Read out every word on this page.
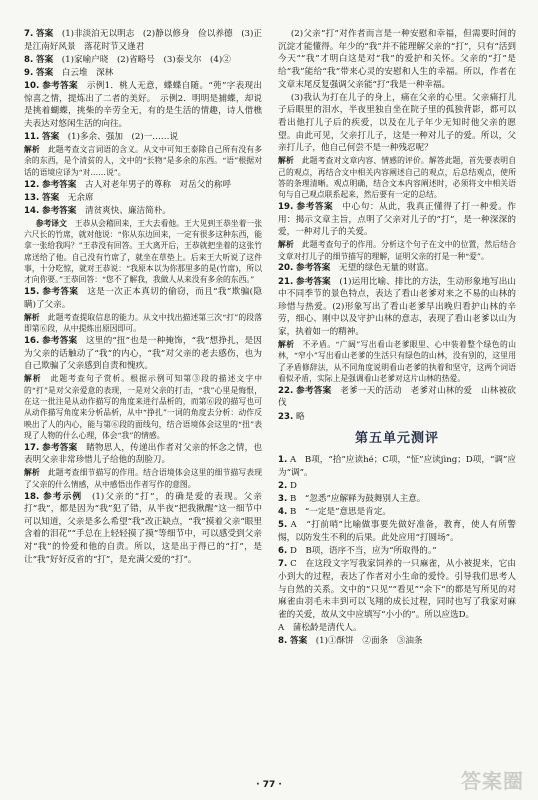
7. 答案　 (1)非淡泊无以明志　(2)静以修身　俭以养德　(3)正是江南好风景　落花时节又逢君
8. 答案　 (1)家喻户晓　(2)省略号　(3)泰戈尔　(4)②
9. 答案　 白云堆　深林
10. 参考答案　 示例1．桃人无意，蝶蝶自随。“蔸”字表现出惊喜之情，提炼出了二者的美好。　示例2．明明是捕蝶，却说是挑着蝴蝶，挑柴的辛劳全无，有的是生活的情趣，诗人借樵夫表达对悠闲生活的向往。
11. 答案　 (1)多余、强加　(2)一……说
解析　 此题考查文言词语的含义。从文中可知王泰除自己所有没有多余的东西，是个清贫的人，文中的“长物”是多余的东西。“语”根据对话的语境应译为“对……说”。
12. 参考答案　 古人对老年男子的尊称　对岳父的称呼
13. 答案　 无余席
14. 参考答案　 清贫爽快、廉洁简朴。
参考译文　 王恭从会稽回来，王大去看他。王大见到王恭坐着一张六尺长的竹席，就对他说：“你从东边回来，一定有很多这种东西，能拿一张给我吗？”王恭没有回答。王大离开后，王恭就把坐着的这张竹席送给了他。自己没有竹席了，就坐在草垫上。后来王大听说了这件事，十分吃惊，就对王恭说：“我原本以为你那里多的是(竹席)，所以才向你要。”王恭回答：“您不了解我，我做人从来没有多余的东西。”
15. 参考答案　 这是一次正本真切的偷窃，而且“我”欺骗(隐瞒)了父亲。
解析　 此题考查提取信息的能力。从文中找出描述第三次“打”的段落即第⑥段，从中提炼出原因即可。
16. 参考答案　 这里的“扭”也是一种掩饰，“我”想挣扎，是因为父亲的话触动了“我”的内心，“我”对父亲的老去感伤，也为自己欺骗了父亲感到自责和愧疚。
解析　 此题考查句子赏析。根据示例可知第③段的描述文字中的“打”是对父亲爱意的表现，一是对父亲的打击，“我”心里是悔恨，在这一批注是从动作描写的角度来进行品析的，而第⑥段的描写也可从动作描写角度来分析品析，从中“挣扎”一词的角度去分析：动作反映出了人的内心，能与第⑥段的面线句，结合语境体会这里的“扭”表现了人物的什么心理，体会“我”的情感。
17. 参考答案　 睹物思人，传递出作者对父亲的怀念之情，也表明父亲非常珍惜儿子给他的刮脸刀。
解析　 此题考查细节描写的作用。结合语境体会这里的细节描写表现了父亲的什么情感，从中感悟出作者写作的意图。
18. 参考示例　 (1)父亲的“打”，的确是爱的表现。父亲打“我”，都是因为“我”犯了错，从半夜“把我揪醒”这一细节中可以知道，父亲是多么希望“我”改正缺点，“我”摸着父亲“眼里含着的泪花”“手总在上轻轻摸了摸”等细节中，可以感受到父亲对“我”的怜爱和他的自责。所以，这是出于得已的“打”，是让“我”好好反省的“打”，是充满父爱的“打”。
(2)父亲“打”对作者而言是一种安慰和幸福，但需要时间的沉淀才能懂得。年少的“我”并不能理解父亲的“打”，只有“活到今天”“我”才明白这是对“我”的爱护和关怀。父亲的“打”是给“我”能给“我”带来心灵的安慰和人生的幸福。所以，作者在文章末尾反复强调父亲能“打”我是一种幸福。
(3)我认为打在儿子的身上，痛在父亲的心里。父亲痛打儿子后眼里的泪水，半夜里独自坐在院子里的孤独背影，都可以看出他打儿子后的疾爱，以及在儿子年少无知时他父亲的愿望。由此可见，父亲打儿子，这是一种对儿子的爱。所以，父亲打儿子，他自己何尝不是一种残忍呢？
解析　 此题考查对文章内容、情感的评价。解答此题，首先要表明自己的观点，再结合文中相关内容阐述自己的观点，后总结观点，使所答的条理清晰。观点明确，结合文本内容阐述时，必须将文中相关语句与自己观点联系起来，然后要有一定的总结。
19. 参考答案　 中心句：从此，我真正懂得了打一种爱。作用：揭示文章主旨，点明了父亲对儿子的“打”，是一种深深的爱，一种对儿子的关爱。
解析　 此题考查句子的作用。分析这个句子在文中的位置，然后结合文章对打儿子的细节描写的理解，证明父亲的打是一种“爱”。
20. 参考答案　 无望的绿色无量的财富。
21. 参考答案　 (1)运用比喻、排比的方法，生动形象地写出山中不同季节的景色特点，表达了看山老爹对来之不易的山林的珍惜与热爱。(2)形象写出了看山老爹早出晚归看护山林的辛劳，细心、刚中以及守护山林的意志，表现了看山老爹以山为家，执着如一的精神。
解析　 不矛盾。“广阔”写出看山老爹眼里、心中装着整个绿色的山林，“窄小”写出看山老爹的生活只有绿色的山林，没有别的，这里用了矛盾修辞法，从不同角度说明看山老爹的执着和坚守，这两个词语看似矛盾，实际上是强调看山老爹对这片山林的热爱。
22. 参考答案　 老爹一天的活动　老爹对山林的爱　山林被砍伐
23. 略
第五单元测评
1. A　B项，“拾”应读hé；C项，“怔”应读jìng；D项，“调”应为“调”。
2. D
3. B　“忽悉”应解释为鼓舞别人主意。
4. B　“一定是”意思是肯定。
5. A　“打前哨”比喻做事要先做好准备，教育，使人有所警惕，以防发生不利的后果。此处应用“打圆场”。
6. D　B项，语序不当，应为“所取得的。”
7. C　在这段文字写我家饲养的一只麻雀，从小被捉来，它由小到大的过程，表达了作者对小生命的爱怜。引导我们思考人与自然的关系。文中的“只见”“看见”“余下”的都是写所见的对麻雀由羽毛未丰到可以飞翔的成长过程，同时也写了我家对麻雀的关爱，故从文中应填写“小小的”。所以应选D。
A　蒲松龄是清代人。
8. 答案　 (1)①酥饼　②面条　③油条
· 77 ·	答案圈
